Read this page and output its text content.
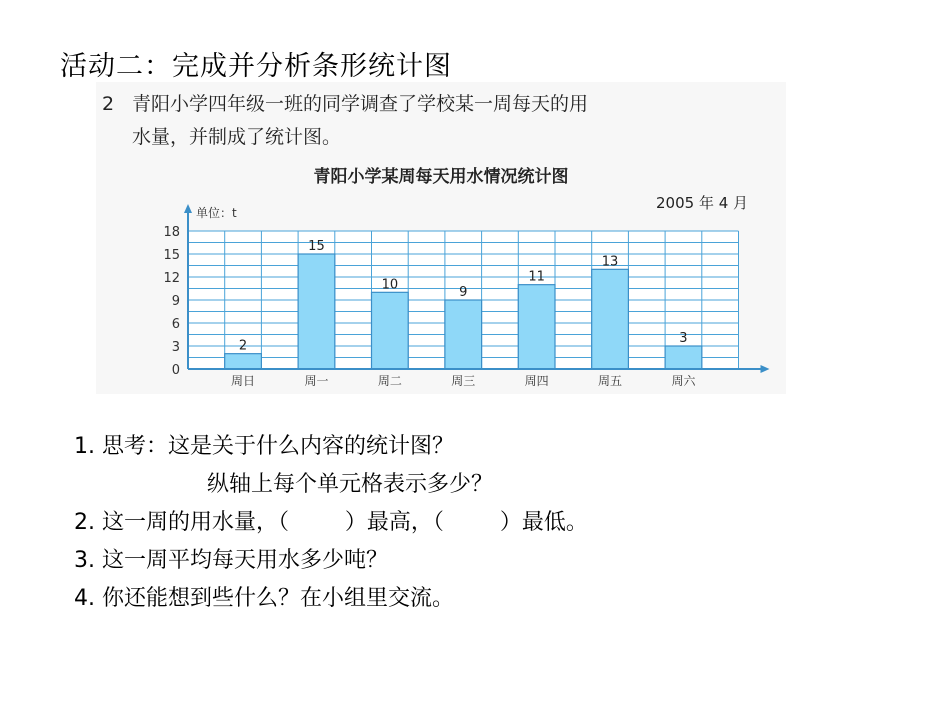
活动二：完成并分析条形统计图
2 青阳小学四年级一班的同学调查了学校某一周每天的用
水量，并制成了统计图。
青阳小学某周每天用水情况统计图
2005 年 4 月
单位：t
2
周日
15
周一
10
周二
9
周三
11
周四
13
周五
3
周六
0
3
6
9
12
15
18
1. 思考：这是关于什么内容的统计图？
纵轴上每个单元格表示多少？
2. 这一周的用水量，（        ）最高，（        ）最低。
3. 这一周平均每天用水多少吨？
4. 你还能想到些什么？在小组里交流。
